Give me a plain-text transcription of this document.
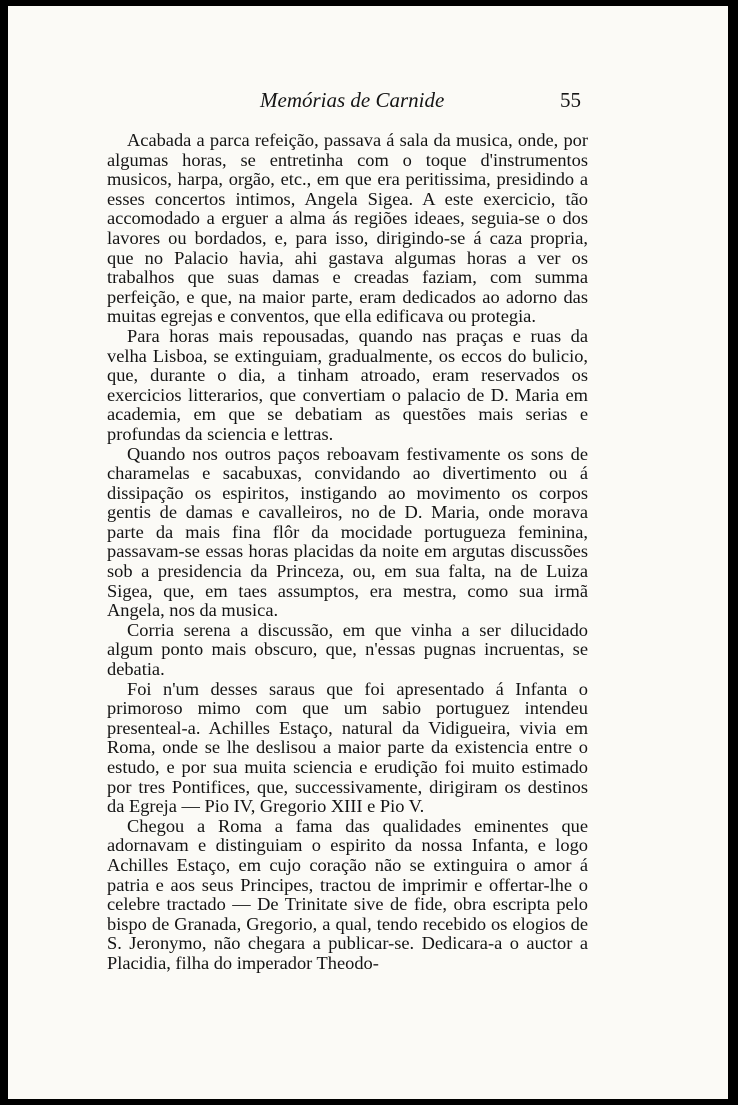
Memórias de Carnide	55

Acabada a parca refeição, passava á sala da musica, onde, por algumas horas, se entretinha com o toque d'instrumentos musicos, harpa, orgão, etc., em que era peritissima, presidindo a esses concertos intimos, Angela Sigea. A este exercicio, tão accomodado a erguer a alma ás regiões ideaes, seguia-se o dos lavores ou bordados, e, para isso, dirigindo-se á caza propria, que no Palacio havia, ahi gastava algumas horas a ver os trabalhos que suas damas e creadas faziam, com summa perfeição, e que, na maior parte, eram dedicados ao adorno das muitas egrejas e conventos, que ella edificava ou protegia.

Para horas mais repousadas, quando nas praças e ruas da velha Lisboa, se extinguiam, gradualmente, os eccos do bulicio, que, durante o dia, a tinham atroado, eram reservados os exercicios litterarios, que convertiam o palacio de D. Maria em academia, em que se debatiam as questões mais serias e profundas da sciencia e lettras.

Quando nos outros paços reboavam festivamente os sons de charamelas e sacabuxas, convidando ao divertimento ou á dissipação os espiritos, instigando ao movimento os corpos gentis de damas e cavalleiros, no de D. Maria, onde morava parte da mais fina flôr da mocidade portugueza feminina, passavam-se essas horas placidas da noite em argutas discussões sob a presidencia da Princeza, ou, em sua falta, na de Luiza Sigea, que, em taes assumptos, era mestra, como sua irmã Angela, nos da musica.

Corria serena a discussão, em que vinha a ser dilucidado algum ponto mais obscuro, que, n'essas pugnas incruentas, se debatia.

Foi n'um desses saraus que foi apresentado á Infanta o primoroso mimo com que um sabio portuguez intendeu presenteal-a. Achilles Estaço, natural da Vidigueira, vivia em Roma, onde se lhe deslisou a maior parte da existencia entre o estudo, e por sua muita sciencia e erudição foi muito estimado por tres Pontifices, que, successivamente, dirigiram os destinos da Egreja — Pio IV, Gregorio XIII e Pio V.

Chegou a Roma a fama das qualidades eminentes que adornavam e distinguiam o espirito da nossa Infanta, e logo Achilles Estaço, em cujo coração não se extinguira o amor á patria e aos seus Principes, tractou de imprimir e offertar-lhe o celebre tractado — De Trinitate sive de fide, obra escripta pelo bispo de Granada, Gregorio, a qual, tendo recebido os elogios de S. Jeronymo, não chegara a publicar-se. Dedicara-a o auctor a Placidia, filha do imperador Theodo-
